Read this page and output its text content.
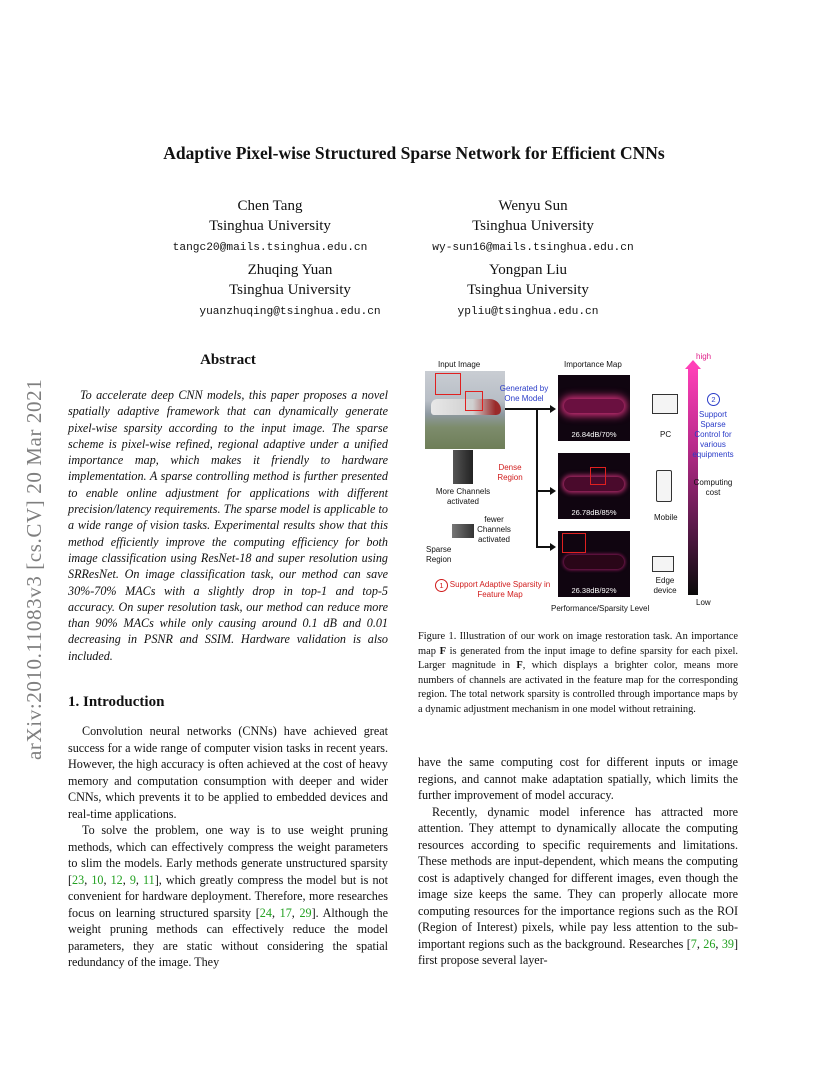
arXiv:2010.11083v3 [cs.CV] 20 Mar 2021
Adaptive Pixel-wise Structured Sparse Network for Efficient CNNs
Chen Tang
Tsinghua University
tangc20@mails.tsinghua.edu.cn
Wenyu Sun
Tsinghua University
wy-sun16@mails.tsinghua.edu.cn
Zhuqing Yuan
Tsinghua University
yuanzhuqing@tsinghua.edu.cn
Yongpan Liu
Tsinghua University
ypliu@tsinghua.edu.cn
Abstract
To accelerate deep CNN models, this paper proposes a novel spatially adaptive framework that can dynamically generate pixel-wise sparsity according to the input image. The sparse scheme is pixel-wise refined, regional adaptive under a unified importance map, which makes it friendly to hardware implementation. A sparse controlling method is further presented to enable online adjustment for applications with different precision/latency requirements. The sparse model is applicable to a wide range of vision tasks. Experimental results show that this method efficiently improve the computing efficiency for both image classification using ResNet-18 and super resolution using SRResNet. On image classification task, our method can save 30%-70% MACs with a slightly drop in top-1 and top-5 accuracy. On super resolution task, our method can reduce more than 90% MACs while only causing around 0.1 dB and 0.01 decreasing in PSNR and SSIM. Hardware validation is also included.
1. Introduction

Convolution neural networks (CNNs) have achieved great success for a wide range of computer vision tasks in recent years. However, the high accuracy is often achieved at the cost of heavy memory and computation consumption with deeper and wider CNNs, which prevents it to be applied to embedded devices and real-time applications.

To solve the problem, one way is to use weight pruning methods, which can effectively compress the weight parameters to slim the models. Early methods generate unstructured sparsity [23, 10, 12, 9, 11], which greatly compress the model but is not convenient for hardware deployment. Therefore, more researches focus on learning structured sparsity [24, 17, 29]. Although the weight pruning methods can effectively reduce the model parameters, they are static without considering the spatial redundancy of the image. They

have the same computing cost for different inputs or image regions, and cannot make adaptation spatially, which limits the further improvement of model accuracy.

Recently, dynamic model inference has attracted more attention. They attempt to dynamically allocate the computing resources according to specific requirements and limitations. These methods are input-dependent, which means the computing cost is adaptively changed for different images, even though the image size keeps the same. They can properly allocate more computing resources for the importance regions such as the ROI (Region of Interest) pixels, while pay less attention to the sub-important regions such as the background. Researches [7, 26, 39] first propose several layer-

Input Image	Importance Map
Generated by One Model
26.84dB/70%
26.78dB/85%
26.38dB/92%
Dense Region
More Channels activated
fewer Channels activated
Sparse Region
1 Support Adaptive Sparsity in Feature Map
Performance/Sparsity Level
PC
Mobile
Edge device
high
Low
Computing cost
2
Support Sparse Control for various equipments
Figure 1. Illustration of our work on image restoration task. An importance map F is generated from the input image to define sparsity for each pixel. Larger magnitude in F, which displays a brighter color, means more numbers of channels are activated in the feature map for the corresponding region. The total network sparsity is controlled through importance maps by a dynamic adjustment mechanism in one model without retraining.
